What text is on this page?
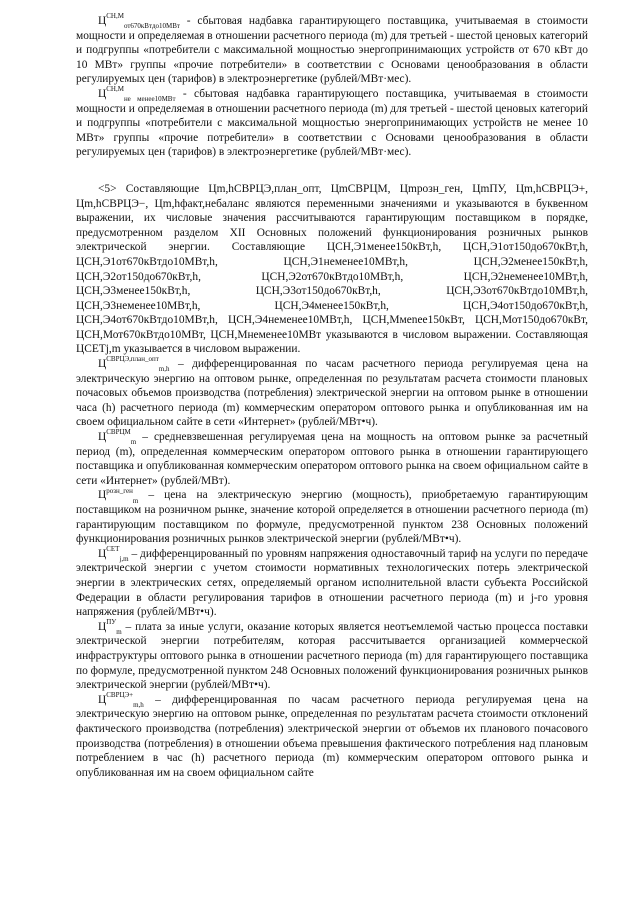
$Ц^{СН,М}_{от670кВтдо10МВт}$ - сбытовая надбавка гарантирующего поставщика, учитываемая в стоимости мощности и определяемая в отношении расчетного периода (m) для третьей - шестой ценовых категорий и подгруппы «потребители с максимальной мощностью энергопринимающих устройств от 670 кВт до 10 МВт» группы «прочие потребители» в соответствии с Основами ценообразования в области регулируемых цен (тарифов) в электроэнергетике (рублей/МВт·мес).

$Ц^{СН,М}_{не менее10МВт}$ - сбытовая надбавка гарантирующего поставщика, учитываемая в стоимости мощности и определяемая в отношении расчетного периода (m) для третьей - шестой ценовых категорий и подгруппы «потребители с максимальной мощностью энергопринимающих устройств не менее 10 МВт» группы «прочие потребители» в соответствии с Основами ценообразования в области регулируемых цен (тарифов) в электроэнергетике (рублей/МВт·мес).

<5> Составляющие Цm,hСВРЦЭ,план_опт, ЦmСВРЦМ, Цmрозн_ген, ЦmПУ, Цm,hСВРЦЭ+, Цm,hСВРЦЭ−, Цm,hфакт,небаланс являются переменными значениями и указываются в буквенном выражении, их числовые значения рассчитываются гарантирующим поставщиком в порядке, предусмотренном разделом XII Основных положений функционирования розничных рынков электрической энергии. Составляющие ЦСН,Э1менее150кВт,h, ЦСН,Э1от150до670кВт,h, ЦСН,Э1от670кВтдо10МВт,h, ЦСН,Э1неменее10МВт,h, ЦСН,Э2менее150кВт,h, ЦСН,Э2от150до670кВт,h, ЦСН,Э2от670кВтдо10МВт,h, ЦСН,Э2неменее10МВт,h, ЦСН,Э3менее150кВт,h, ЦСН,Э3от150до670кВт,h, ЦСН,Э3от670кВтдо10МВт,h, ЦСН,Э3неменее10МВт,h, ЦСН,Э4менее150кВт,h, ЦСН,Э4от150до670кВт,h, ЦСН,Э4от670кВтдо10МВт,h, ЦСН,Э4неменее10МВт,h, ЦСН,Ммenee150кВт, ЦСН,Мот150до670кВт, ЦСН,Мот670кВтдо10МВт, ЦСН,Мнеменее10МВт указываются в числовом выражении. Составляющая ЦСЕТj,m указывается в числовом выражении.

$Ц^{СВРЦЭ,план\_опт}_{m,h}$ – дифференцированная по часам расчетного периода регулируемая цена на электрическую энергию на оптовом рынке, определенная по результатам расчета стоимости плановых почасовых объемов производства (потребления) электрической энергии на оптовом рынке в отношении часа (h) расчетного периода (m) коммерческим оператором оптового рынка и опубликованная им на своем официальном сайте в сети «Интернет» (рублей/МВт•ч).

$Ц^{СВРЦМ}_m$ – средневзвешенная регулируемая цена на мощность на оптовом рынке за расчетный период (m), определенная коммерческим оператором оптового рынка в отношении гарантирующего поставщика и опубликованная коммерческим оператором оптового рынка на своем официальном сайте в сети «Интернет» (рублей/МВт).

$Ц^{розн\_ген}_m$ – цена на электрическую энергию (мощность), приобретаемую гарантирующим поставщиком на розничном рынке, значение которой определяется в отношении расчетного периода (m) гарантирующим поставщиком по формуле, предусмотренной пунктом 238 Основных положений функционирования розничных рынков электрической энергии (рублей/МВт•ч).

$Ц^{СЕТ}_{j,m}$ – дифференцированный по уровням напряжения одноставочный тариф на услуги по передаче электрической энергии с учетом стоимости нормативных технологических потерь электрической энергии в электрических сетях, определяемый органом исполнительной власти субъекта Российской Федерации в области регулирования тарифов в отношении расчетного периода (m) и j-го уровня напряжения (рублей/МВт•ч).

$Ц^{ПУ}_m$ – плата за иные услуги, оказание которых является неотъемлемой частью процесса поставки электрической энергии потребителям, которая рассчитывается организацией коммерческой инфраструктуры оптового рынка в отношении расчетного периода (m) для гарантирующего поставщика по формуле, предусмотренной пунктом 248 Основных положений функционирования розничных рынков электрической энергии (рублей/МВт•ч).

$Ц^{СВРЦЭ+}_{m,h}$ – дифференцированная по часам расчетного периода регулируемая цена на электрическую энергию на оптовом рынке, определенная по результатам расчета стоимости отклонений фактического производства (потребления) электрической энергии от объемов их планового почасового производства (потребления) в отношении объема превышения фактического потребления над плановым потреблением в час (h) расчетного периода (m) коммерческим оператором оптового рынка и опубликованная им на своем официальном сайте
